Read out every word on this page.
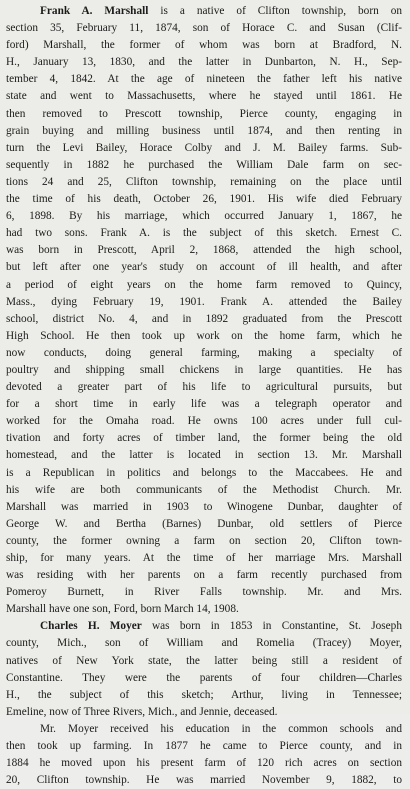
Frank A. Marshall is a native of Clifton township, born on
section 35, February 11, 1874, son of Horace C. and Susan (Clif-
ford) Marshall, the former of whom was born at Bradford, N.
H., January 13, 1830, and the latter in Dunbarton, N. H., Sep-
tember 4, 1842. At the age of nineteen the father left his native
state and went to Massachusetts, where he stayed until 1861. He
then removed to Prescott township, Pierce county, engaging in
grain buying and milling business until 1874, and then renting in
turn the Levi Bailey, Horace Colby and J. M. Bailey farms. Sub-
sequently in 1882 he purchased the William Dale farm on sec-
tions 24 and 25, Clifton township, remaining on the place until
the time of his death, October 26, 1901. His wife died February
6, 1898. By his marriage, which occurred January 1, 1867, he
had two sons. Frank A. is the subject of this sketch. Ernest C.
was born in Prescott, April 2, 1868, attended the high school,
but left after one year's study on account of ill health, and after
a period of eight years on the home farm removed to Quincy,
Mass., dying February 19, 1901. Frank A. attended the Bailey
school, district No. 4, and in 1892 graduated from the Prescott
High School. He then took up work on the home farm, which he
now conducts, doing general farming, making a specialty of
poultry and shipping small chickens in large quantities. He has
devoted a greater part of his life to agricultural pursuits, but
for a short time in early life was a telegraph operator and
worked for the Omaha road. He owns 100 acres under full cul-
tivation and forty acres of timber land, the former being the old
homestead, and the latter is located in section 13. Mr. Marshall
is a Republican in politics and belongs to the Maccabees. He and
his wife are both communicants of the Methodist Church. Mr.
Marshall was married in 1903 to Winogene Dunbar, daughter of
George W. and Bertha (Barnes) Dunbar, old settlers of Pierce
county, the former owning a farm on section 20, Clifton town-
ship, for many years. At the time of her marriage Mrs. Marshall
was residing with her parents on a farm recently purchased from
Pomeroy Burnett, in River Falls township. Mr. and Mrs.
Marshall have one son, Ford, born March 14, 1908.
Charles H. Moyer was born in 1853 in Constantine, St. Joseph
county, Mich., son of William and Romelia (Tracey) Moyer,
natives of New York state, the latter being still a resident of
Constantine. They were the parents of four children—Charles
H., the subject of this sketch; Arthur, living in Tennessee;
Emeline, now of Three Rivers, Mich., and Jennie, deceased.
Mr. Moyer received his education in the common schools and
then took up farming. In 1877 he came to Pierce county, and in
1884 he moved upon his present farm of 120 rich acres on section
20, Clifton township. He was married November 9, 1882, to
